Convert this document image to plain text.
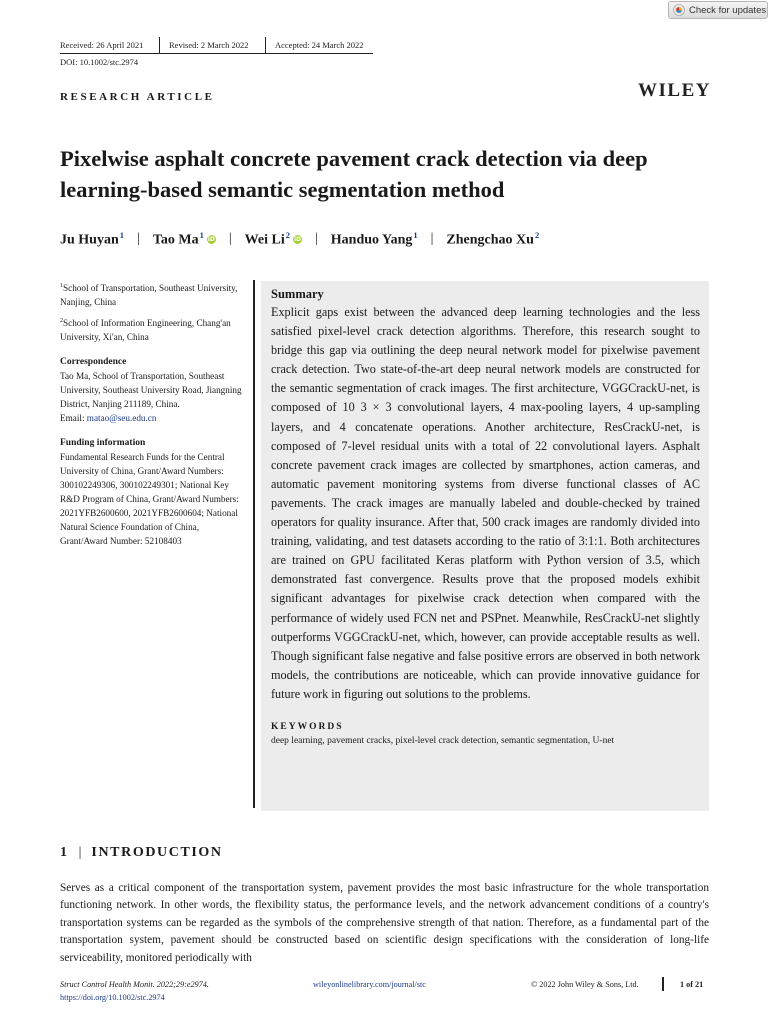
Check for updates
Received: 26 April 2021	Revised: 2 March 2022	Accepted: 24 March 2022
DOI: 10.1002/stc.2974
RESEARCH ARTICLE	WILEY
Pixelwise asphalt concrete pavement crack detection via deep learning-based semantic segmentation method
Ju Huyan$^1$ | Tao Ma$^1$ iD | Wei Li$^2$ iD | Handuo Yang$^1$ | Zhengchao Xu$^2$
$^1$School of Transportation, Southeast University, Nanjing, China
$^2$School of Information Engineering, Chang'an University, Xi'an, China
Correspondence
Tao Ma, School of Transportation, Southeast University, Southeast University Road, Jiangning District, Nanjing 211189, China.
Email: matao@seu.edu.cn
Funding information
Fundamental Research Funds for the Central University of China, Grant/Award Numbers: 300102249306, 300102249301; National Key R&D Program of China, Grant/Award Numbers: 2021YFB2600600, 2021YFB2600604; National Natural Science Foundation of China, Grant/Award Number: 52108403
Summary
Explicit gaps exist between the advanced deep learning technologies and the less satisfied pixel-level crack detection algorithms. Therefore, this research sought to bridge this gap via outlining the deep neural network model for pixelwise pavement crack detection. Two state-of-the-art deep neural network models are constructed for the semantic segmentation of crack images. The first architecture, VGGCrackU-net, is composed of 10 3 × 3 convolutional layers, 4 max-pooling layers, 4 up-sampling layers, and 4 concatenate operations. Another architecture, ResCrackU-net, is composed of 7-level residual units with a total of 22 convolutional layers. Asphalt concrete pavement crack images are collected by smartphones, action cameras, and automatic pavement monitoring systems from diverse functional classes of AC pavements. The crack images are manually labeled and double-checked by trained operators for quality insurance. After that, 500 crack images are randomly divided into training, validating, and test datasets according to the ratio of 3:1:1. Both architectures are trained on GPU facilitated Keras platform with Python version of 3.5, which demonstrated fast convergence. Results prove that the proposed models exhibit significant advantages for pixelwise crack detection when compared with the performance of widely used FCN net and PSPnet. Meanwhile, ResCrackU-net slightly outperforms VGGCrackU-net, which, however, can provide acceptable results as well. Though significant false negative and false positive errors are observed in both network models, the contributions are noticeable, which can provide innovative guidance for future work in figuring out solutions to the problems.
KEYWORDS
deep learning, pavement cracks, pixel-level crack detection, semantic segmentation, U-net
1 | INTRODUCTION
Serves as a critical component of the transportation system, pavement provides the most basic infrastructure for the whole transportation functioning network. In other words, the flexibility status, the performance levels, and the network advancement conditions of a country's transportation systems can be regarded as the symbols of the comprehensive strength of that nation. Therefore, as a fundamental part of the transportation system, pavement should be constructed based on scientific design specifications with the consideration of long-life serviceability, monitored periodically with
Struct Control Health Monit. 2022;29:e2974.
https://doi.org/10.1002/stc.2974
wileyonlinelibrary.com/journal/stc	© 2022 John Wiley & Sons, Ltd.	1 of 21
